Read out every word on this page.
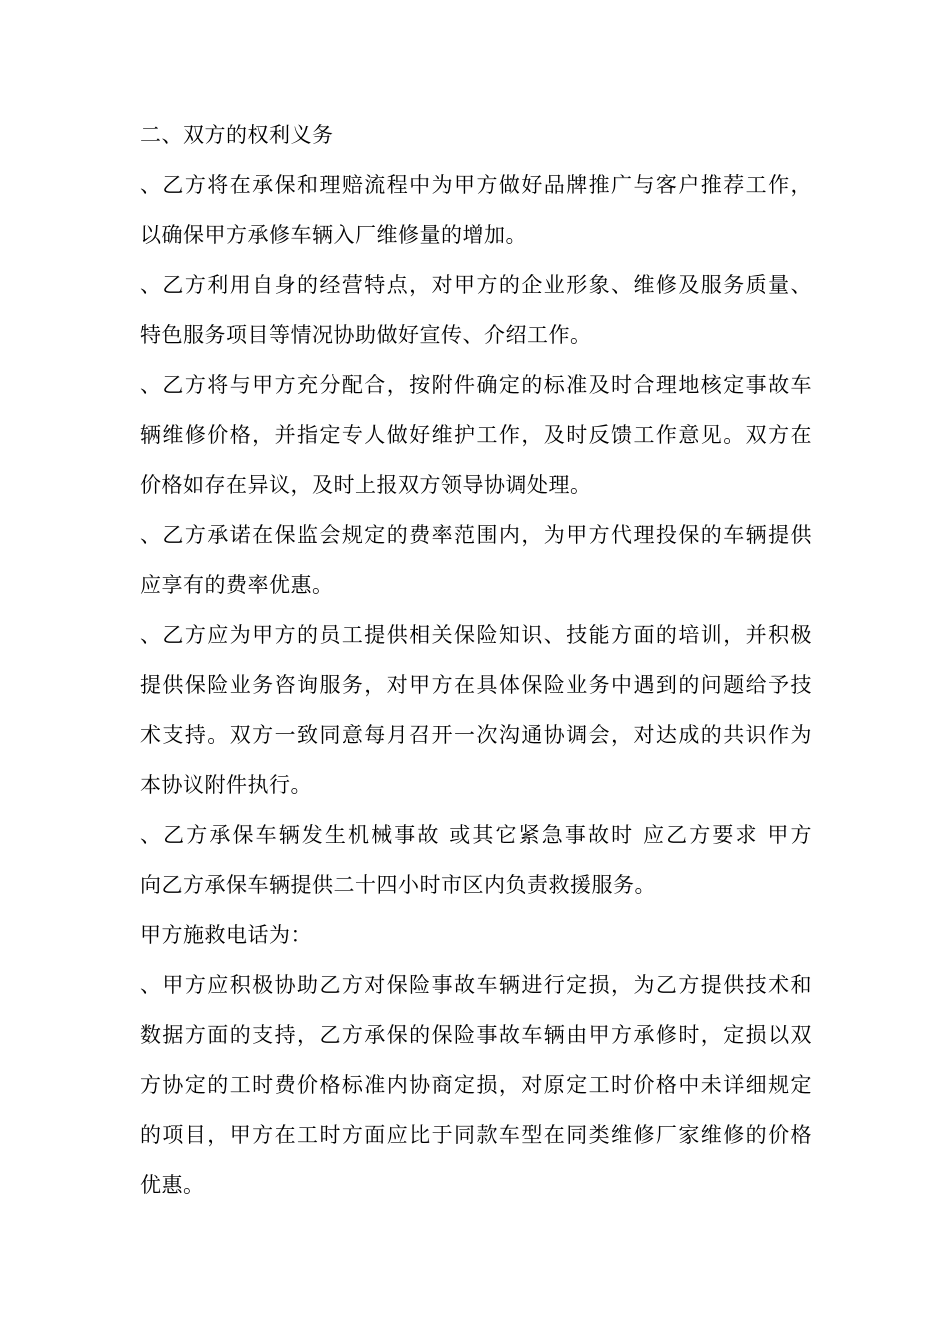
二、双方的权利义务
、乙方将在承保和理赔流程中为甲方做好品牌推广与客户推荐工作，
以确保甲方承修车辆入厂维修量的增加。
、乙方利用自身的经营特点，对甲方的企业形象、维修及服务质量、
特色服务项目等情况协助做好宣传、介绍工作。
、乙方将与甲方充分配合，按附件确定的标准及时合理地核定事故车
辆维修价格，并指定专人做好维护工作，及时反馈工作意见。双方在
价格如存在异议，及时上报双方领导协调处理。
、乙方承诺在保监会规定的费率范围内，为甲方代理投保的车辆提供
应享有的费率优惠。
、乙方应为甲方的员工提供相关保险知识、技能方面的培训，并积极
提供保险业务咨询服务，对甲方在具体保险业务中遇到的问题给予技
术支持。双方一致同意每月召开一次沟通协调会，对达成的共识作为
本协议附件执行。
、乙方承保车辆发生机械事故 或其它紧急事故时 应乙方要求 甲方
向乙方承保车辆提供二十四小时市区内负责救援服务。
甲方施救电话为：
、甲方应积极协助乙方对保险事故车辆进行定损，为乙方提供技术和
数据方面的支持，乙方承保的保险事故车辆由甲方承修时，定损以双
方协定的工时费价格标准内协商定损，对原定工时价格中未详细规定
的项目，甲方在工时方面应比于同款车型在同类维修厂家维修的价格
优惠。
